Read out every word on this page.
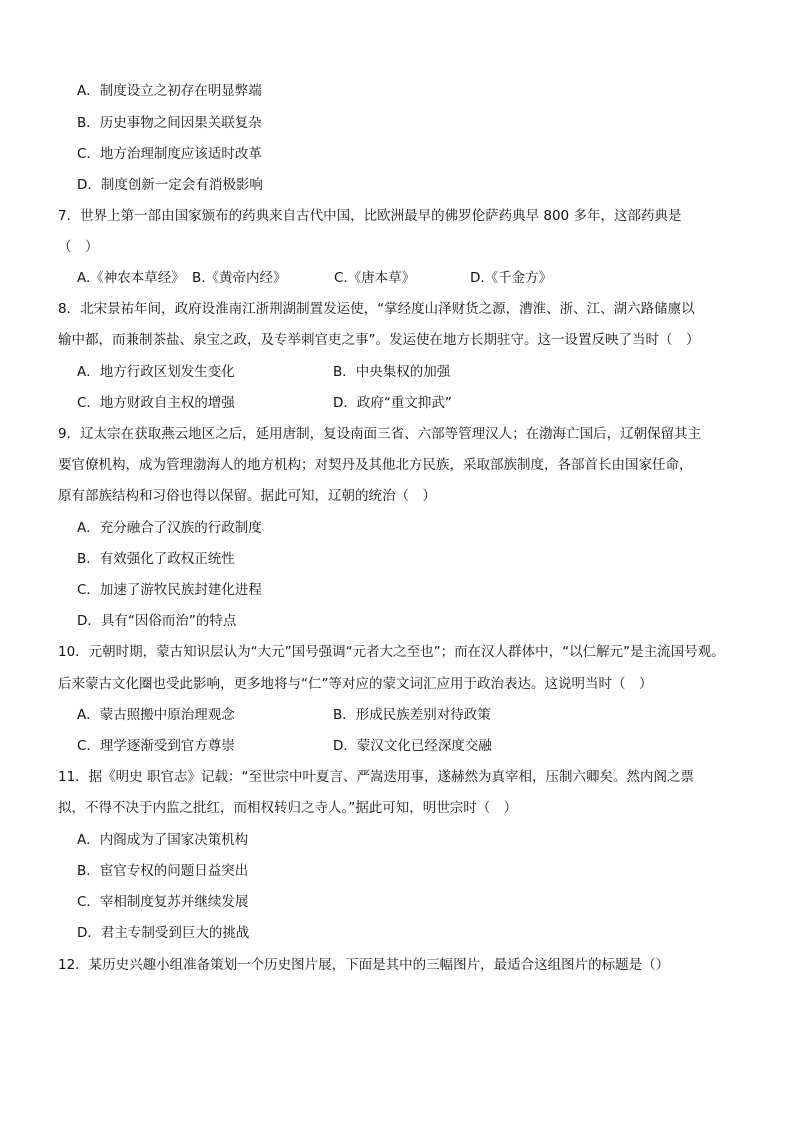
A．制度设立之初存在明显弊端
B．历史事物之间因果关联复杂
C．地方治理制度应该适时改革
D．制度创新一定会有消极影响
7．世界上第一部由国家颁布的药典来自古代中国，比欧洲最早的佛罗伦萨药典早 800 多年，这部药典是
（　）
A.《神农本草经》 B.《黄帝内经》	C.《唐本草》	D.《千金方》
8．北宋景祐年间，政府设淮南江浙荆湖制置发运使，“掌经度山泽财货之源，漕淮、浙、江、湖六路储廪以
输中都，而兼制茶盐、泉宝之政，及专举刺官吏之事”。发运使在地方长期驻守。这一设置反映了当时（　）
A．地方行政区划发生变化	B．中央集权的加强
C．地方财政自主权的增强	D．政府“重文抑武”
9．辽太宗在获取燕云地区之后，延用唐制，复设南面三省、六部等管理汉人；在渤海亡国后，辽朝保留其主
要官僚机构，成为管理渤海人的地方机构；对契丹及其他北方民族，采取部族制度，各部首长由国家任命，
原有部族结构和习俗也得以保留。据此可知，辽朝的统治（　）
A．充分融合了汉族的行政制度
B．有效强化了政权正统性
C．加速了游牧民族封建化进程
D．具有“因俗而治”的特点
10．元朝时期，蒙古知识层认为“大元”国号强调“元者大之至也”；而在汉人群体中，“以仁解元”是主流国号观。
后来蒙古文化圈也受此影响，更多地将与“仁”等对应的蒙文词汇应用于政治表达。这说明当时（　）
A．蒙古照搬中原治理观念	B．形成民族差别对待政策
C．理学逐渐受到官方尊崇	D．蒙汉文化已经深度交融
11．据《明史 职官志》记载：“至世宗中叶夏言、严嵩迭用事，遂赫然为真宰相，压制六卿矣。然内阁之票
拟，不得不决于内监之批红，而相权转归之寺人。”据此可知，明世宗时（　）
A．内阁成为了国家决策机构
B．宦官专权的问题日益突出
C．宰相制度复苏并继续发展
D．君主专制受到巨大的挑战
12．某历史兴趣小组准备策划一个历史图片展，下面是其中的三幅图片，最适合这组图片的标题是（）
